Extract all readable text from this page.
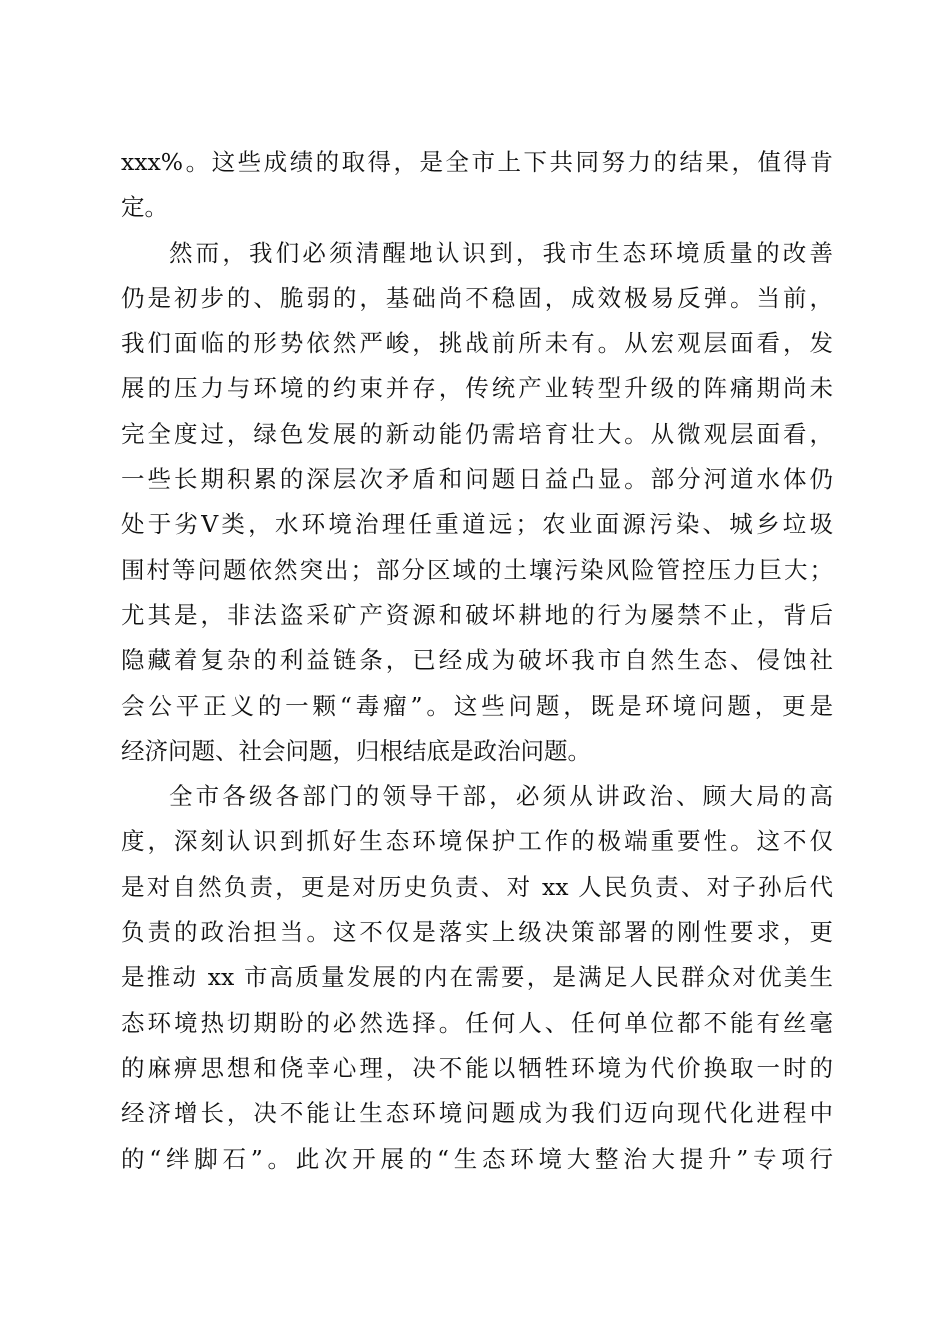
xxx%。这些成绩的取得，是全市上下共同努力的结果，值得肯
定。
然而，我们必须清醒地认识到，我市生态环境质量的改善
仍是初步的、脆弱的，基础尚不稳固，成效极易反弹。当前，
我们面临的形势依然严峻，挑战前所未有。从宏观层面看，发
展的压力与环境的约束并存，传统产业转型升级的阵痛期尚未
完全度过，绿色发展的新动能仍需培育壮大。从微观层面看，
一些长期积累的深层次矛盾和问题日益凸显。部分河道水体仍
处于劣Ⅴ类，水环境治理任重道远；农业面源污染、城乡垃圾
围村等问题依然突出；部分区域的土壤污染风险管控压力巨大；
尤其是，非法盗采矿产资源和破坏耕地的行为屡禁不止，背后
隐藏着复杂的利益链条，已经成为破坏我市自然生态、侵蚀社
会公平正义的一颗“毒瘤”。这些问题，既是环境问题，更是
经济问题、社会问题，归根结底是政治问题。
全市各级各部门的领导干部，必须从讲政治、顾大局的高
度，深刻认识到抓好生态环境保护工作的极端重要性。这不仅
是对自然负责，更是对历史负责、对 xx 人民负责、对子孙后代
负责的政治担当。这不仅是落实上级决策部署的刚性要求，更
是推动 xx 市高质量发展的内在需要，是满足人民群众对优美生
态环境热切期盼的必然选择。任何人、任何单位都不能有丝毫
的麻痹思想和侥幸心理，决不能以牺牲环境为代价换取一时的
经济增长，决不能让生态环境问题成为我们迈向现代化进程中
的“绊脚石”。此次开展的“生态环境大整治大提升”专项行
